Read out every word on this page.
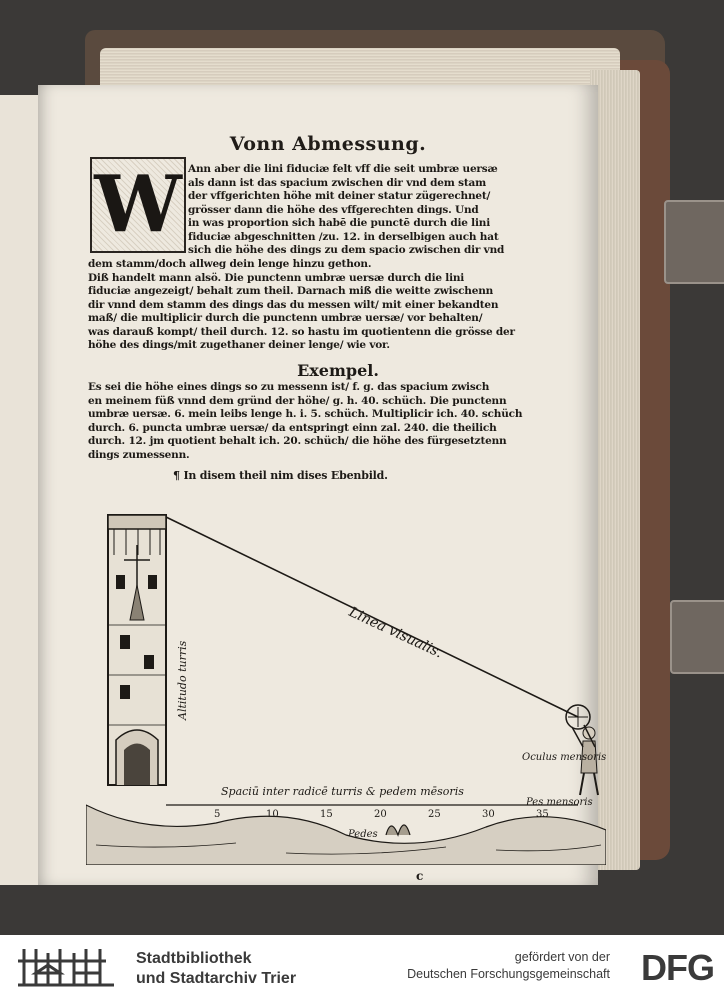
Vonn Abmessung.
W Ann aber die lini fiduciæ felt vff die seit umbræ uersæ
als dann ist das spacium zwischen dir vnd dem stam
der vffgerichten höhe mit deiner statur zügerechnet/
grösser dann die höhe des vffgerechten dings. Und
in was proportion sich habē die punctē durch die lini
fiduciæ abgeschnitten /zu. 12. in derselbigen auch hat
sich die höhe des dings zu dem spacio zwischen dir vnd
dem stamm/doch allweg dein lenge hinzu gethon.
Diß handelt mann alsö. Die punctenn umbræ uersæ durch die lini
fiduciæ angezeigt/ behalt zum theil. Darnach miß die weitte zwischenn
dir vnnd dem stamm des dings das du messen wilt/ mit einer bekandten
maß/ die multiplicir durch die punctenn umbræ uersæ/ vor behalten/
was darauß kompt/ theil durch. 12. so hastu im quotientenn die grösse der
höhe des dings/mit zugethaner deiner lenge/ wie vor.
Exempel.
Es sei die höhe eines dings so zu messenn ist/ f. g. das spacium zwisch
en meinem füß vnnd dem gründ der höhe/ g. h. 40. schüch. Die punctenn
umbræ uersæ. 6. mein leibs lenge h. i. 5. schüch. Multiplicir ich. 40. schüch
durch. 6. puncta umbræ uersæ/ da entspringt einn zal. 240. die theilich
durch. 12. jm quotient behalt ich. 20. schüch/ die höhe des fürgesetztenn
dings zumessenn.
¶ In disem theil nim dises Ebenbild.
Linea visualis.
Altitudo turris
Oculus mensoris
Spaciū inter radicē turris & pedem mēsoris
Pes mensoris
Pedes
5	10	15	20	25	30	35
c
Stadtbibliothek
und Stadtarchiv Trier
gefördert von der
Deutschen Forschungsgemeinschaft DFG
